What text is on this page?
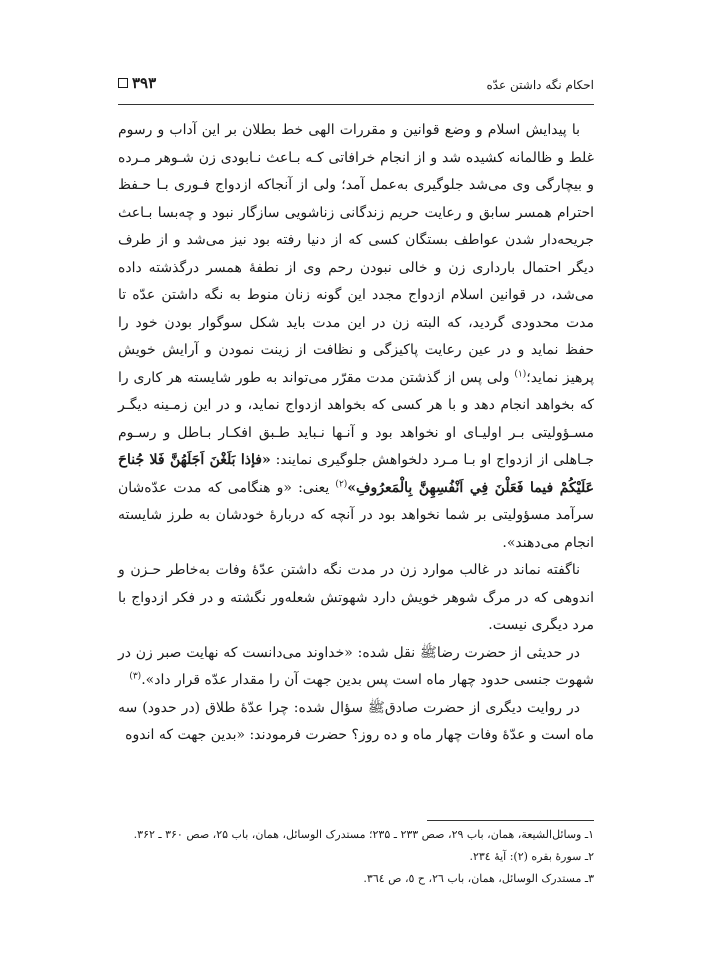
احکام نگه داشتن عدّه
۳۹۳

با پیدایش اسلام و وضع قوانین و مقررات الهی خط بطلان بر این آداب و رسوم غلط و ظالمانه کشیده شد و از انجام خرافاتی کـه بـاعث نـابودی زن شـوهر مـرده و بیچارگی وی می‌شد جلوگیری به‌عمل آمد؛ ولی از آنجاکه ازدواج فـوری بـا حـفظ احترام همسر سابق و رعایت حریم زندگانی زناشویی سازگار نبود و چه‌بسا بـاعث جریحه‌دار شدن عواطف بستگان کسی که از دنیا رفته بود نیز می‌شد و از طرف دیگر احتمال بارداری زن و خالی نبودن رحم وی از نطفهٔ همسر درگذشته داده می‌شد، در قوانین اسلام ازدواج مجدد این گونه زنان منوط به نگه داشتن عدّه تا مدت محدودی گردید، که البته زن در این مدت باید شکل سوگوار بودن خود را حفظ نماید و در عین رعایت پاکیزگی و نظافت از زینت نمودن و آرایش خویش پرهیز نماید؛$^{(۱)}$ ولی پس از گذشتن مدت مقرّر می‌تواند به طور شایسته هر کاری را که بخواهد انجام دهد و با هر کسی که بخواهد ازدواج نماید، و در این زمـینه دیگـر مسـؤولیتی بـر اولیـای او نخواهد بود و آنـها نـباید طـبق افکـار بـاطل و رسـوم جـاهلی از ازدواج او بـا مـرد دلخواهش جلوگیری نمایند: «فإذا بَلَغْنَ اَجَلَهُنَّ فَلا جُناحَ عَلَيْكُمْ فيما فَعَلْنَ فِي اَنْفُسِهِنَّ بِالْمَعرُوفِ»$^{(۲)}$ یعنی: «و هنگامی که مدت عدّه‌شان سرآمد مسؤولیتی بر شما نخواهد بود در آنچه که دربارهٔ خودشان به طرز شایسته انجام می‌دهند».

ناگفته نماند در غالب موارد زن در مدت نگه داشتن عدّهٔ وفات به‌خاطر حـزن و اندوهی که در مرگ شوهر خویش دارد شهوتش شعله‌ور نگشته و در فکر ازدواج با مرد دیگری نیست.

در حدیثی از حضرت رضاﷺ نقل شده: «خداوند می‌دانست که نهایت صبر زن در شهوت جنسی حدود چهار ماه است پس بدین جهت آن را مقدار عدّه قرار داد».$^{(۳)}$

در روایت دیگری از حضرت صادقﷺ سؤال شده: چرا عدّهٔ طلاق (در حدود) سه ماه است و عدّهٔ وفات چهار ماه و ده روز؟ حضرت فرمودند: «بدین جهت که اندوه

۱ـ وسائل‌الشیعة، همان، باب ۲۹، صص ۲۳۳ ـ ۲۳۵؛ مستدرک الوسائل، همان، باب ۲۵، صص ۳۶۰ ـ ۳۶۲.
۲ـ سورهٔ بقره (۲): آیهٔ ۲۳٤.
۳ـ مستدرک الوسائل، همان، باب ۲٦، ح ٥، ص ۳٦٤.
